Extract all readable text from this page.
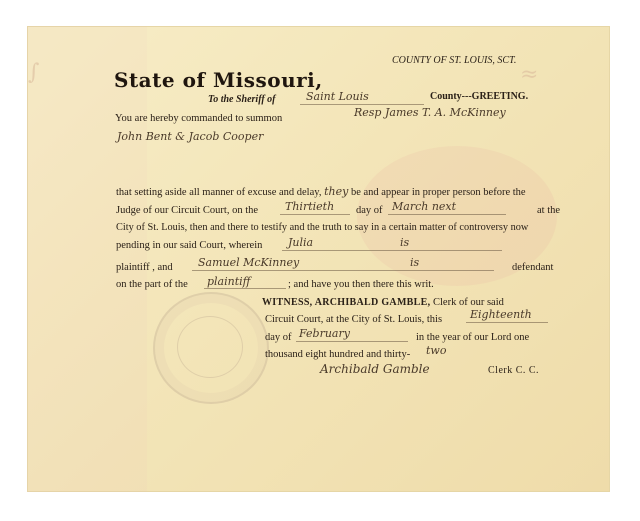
∫	≈
COUNTY OF ST. LOUIS, SCT.
State of Missouri,
To the Sheriff of	Saint Louis	County---GREETING.
You are hereby commanded to summon	Resp James T. A. McKinney
John Bent & Jacob Cooper
that setting aside all manner of excuse and delay, they be and appear in proper person before the
Judge of our Circuit Court, on the Thirtieth day of March next	at the
City of St. Louis, then and there to testify and the truth to say in a certain matter of controversy now
pending in our said Court, wherein Julia	is
plaintiff , and Samuel McKinney	is	defendant
on the part of the plaintiff	; and have you then there this writ.
WITNESS, ARCHIBALD GAMBLE, Clerk of our said
Circuit Court, at the City of St. Louis, this	Eighteenth
day of February	in the year of our Lord one
thousand eight hundred and thirty- two
Archibald Gamble	Clerk C. C.
